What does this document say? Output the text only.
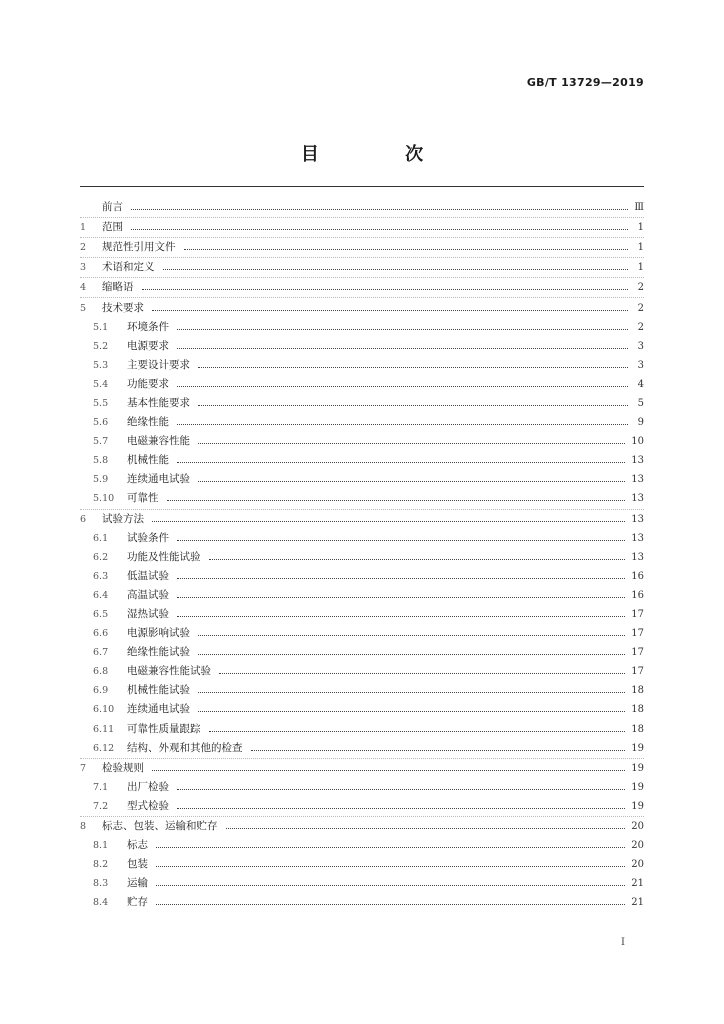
GB/T 13729—2019
目 次
前言	Ⅲ
1	范围	1
2	规范性引用文件	1
3	术语和定义	1
4	缩略语	2
5	技术要求	2
5.1	环境条件	2
5.2	电源要求	3
5.3	主要设计要求	3
5.4	功能要求	4
5.5	基本性能要求	5
5.6	绝缘性能	9
5.7	电磁兼容性能	10
5.8	机械性能	13
5.9	连续通电试验	13
5.10	可靠性	13
6	试验方法	13
6.1	试验条件	13
6.2	功能及性能试验	13
6.3	低温试验	16
6.4	高温试验	16
6.5	湿热试验	17
6.6	电源影响试验	17
6.7	绝缘性能试验	17
6.8	电磁兼容性能试验	17
6.9	机械性能试验	18
6.10	连续通电试验	18
6.11	可靠性质量跟踪	18
6.12	结构、外观和其他的检查	19
7	检验规则	19
7.1	出厂检验	19
7.2	型式检验	19
8	标志、包装、运输和贮存	20
8.1	标志	20
8.2	包装	20
8.3	运输	21
8.4	贮存	21
I
